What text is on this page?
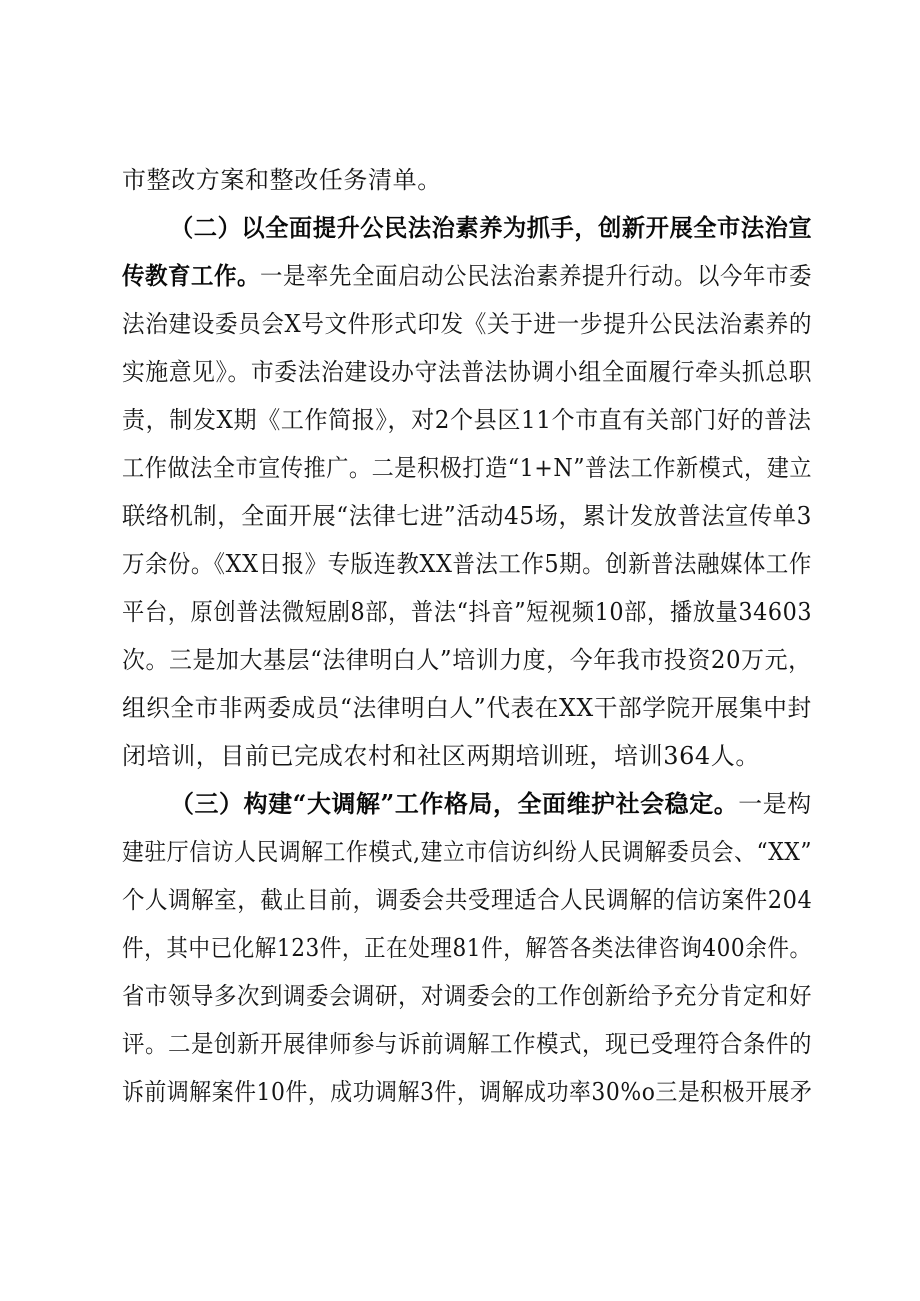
市整改方案和整改任务清单。
（二）以全面提升公民法治素养为抓手，创新开展全市法治宣
传教育工作。一是率先全面启动公民法治素养提升行动。以今年市委
法治建设委员会X号文件形式印发《关于进一步提升公民法治素养的
实施意见》。市委法治建设办守法普法协调小组全面履行牵头抓总职
责，制发X期《工作简报》，对2个县区11个市直有关部门好的普法
工作做法全市宣传推广。二是积极打造“1+N”普法工作新模式，建立
联络机制，全面开展“法律七进”活动45场，累计发放普法宣传单3
万余份。《XX日报》专版连教XX普法工作5期。创新普法融媒体工作
平台，原创普法微短剧8部，普法“抖音”短视频10部，播放量34603
次。三是加大基层“法律明白人”培训力度，今年我市投资20万元，
组织全市非两委成员“法律明白人”代表在XX干部学院开展集中封
闭培训，目前已完成农村和社区两期培训班，培训364人。
（三）构建“大调解”工作格局，全面维护社会稳定。一是构
建驻厅信访人民调解工作模式,建立市信访纠纷人民调解委员会、“XX”
个人调解室，截止目前，调委会共受理适合人民调解的信访案件204
件，其中已化解123件，正在处理81件，解答各类法律咨询400余件。
省市领导多次到调委会调研，对调委会的工作创新给予充分肯定和好
评。二是创新开展律师参与诉前调解工作模式，现已受理符合条件的
诉前调解案件10件，成功调解3件，调解成功率30%o三是积极开展矛
